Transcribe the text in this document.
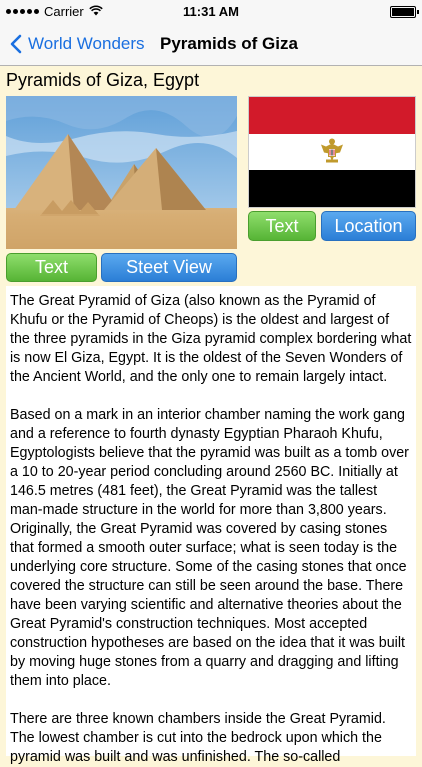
Carrier	11:31 AM
World Wonders Pyramids of Giza
Pyramids of Giza, Egypt
Text	Location
Text	Steet View

The Great Pyramid of Giza (also known as the Pyramid of Khufu or the Pyramid of Cheops) is the oldest and largest of the three pyramids in the Giza pyramid complex bordering what is now El Giza, Egypt. It is the oldest of the Seven Wonders of the Ancient World, and the only one to remain largely intact.

Based on a mark in an interior chamber naming the work gang and a reference to fourth dynasty Egyptian Pharaoh Khufu, Egyptologists believe that the pyramid was built as a tomb over a 10 to 20-year period concluding around 2560 BC. Initially at 146.5 metres (481 feet), the Great Pyramid was the tallest man-made structure in the world for more than 3,800 years. Originally, the Great Pyramid was covered by casing stones that formed a smooth outer surface; what is seen today is the underlying core structure. Some of the casing stones that once covered the structure can still be seen around the base. There have been varying scientific and alternative theories about the Great Pyramid's construction techniques. Most accepted construction hypotheses are based on the idea that it was built by moving huge stones from a quarry and dragging and lifting them into place.

There are three known chambers inside the Great Pyramid. The lowest chamber is cut into the bedrock upon which the pyramid was built and was unfinished. The so-called
